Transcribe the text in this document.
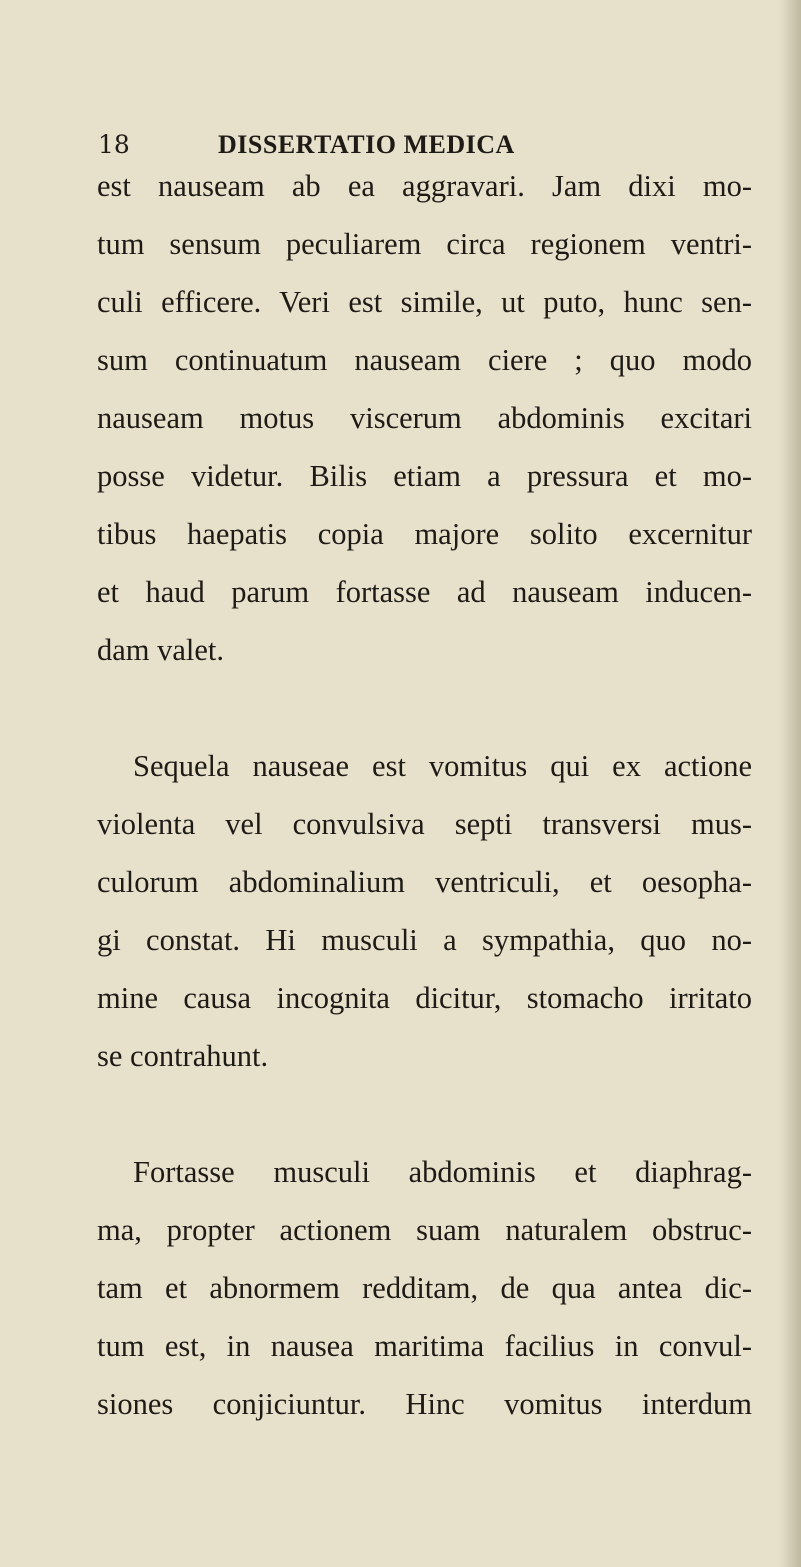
18	DISSERTATIO MEDICA
est nauseam ab ea aggravari. Jam dixi mo-
tum sensum peculiarem circa regionem ventri-
culi efficere. Veri est simile, ut puto, hunc sen-
sum continuatum nauseam ciere ; quo modo
nauseam motus viscerum abdominis excitari
posse videtur. Bilis etiam a pressura et mo-
tibus haepatis copia majore solito excernitur
et haud parum fortasse ad nauseam inducen-
dam valet.
Sequela nauseae est vomitus qui ex actione
violenta vel convulsiva septi transversi mus-
culorum abdominalium ventriculi, et oesopha-
gi constat. Hi musculi a sympathia, quo no-
mine causa incognita dicitur, stomacho irritato
se contrahunt.
Fortasse musculi abdominis et diaphrag-
ma, propter actionem suam naturalem obstruc-
tam et abnormem redditam, de qua antea dic-
tum est, in nausea maritima facilius in convul-
siones conjiciuntur. Hinc vomitus interdum
